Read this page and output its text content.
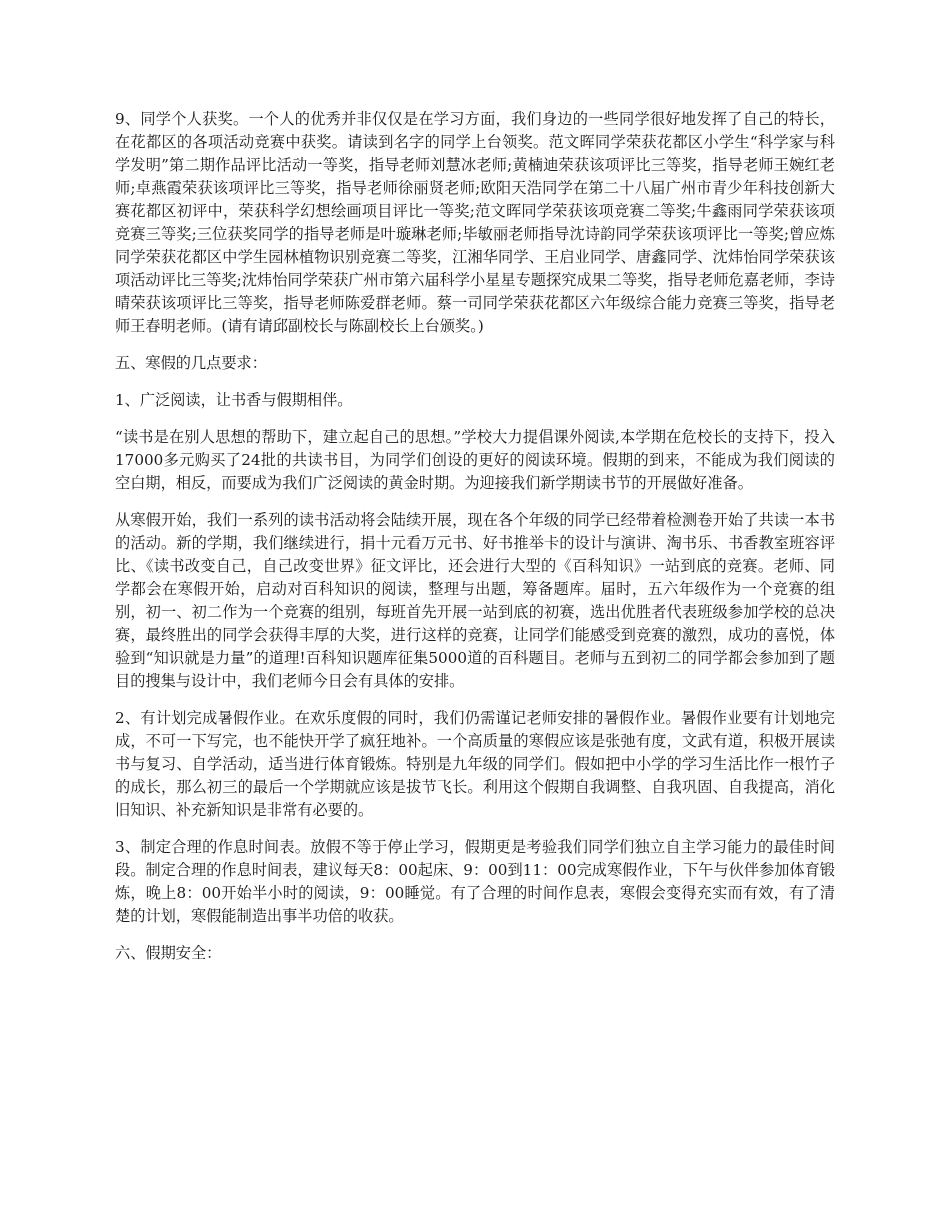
9、同学个人获奖。一个人的优秀并非仅仅是在学习方面，我们身边的一些同学很好地发挥了自己的特长，在花都区的各项活动竞赛中获奖。请读到名字的同学上台领奖。范文晖同学荣获花都区小学生“科学家与科学发明”第二期作品评比活动一等奖，指导老师刘慧冰老师;黄楠迪荣获该项评比三等奖，指导老师王婉红老师;卓燕霞荣获该项评比三等奖，指导老师徐丽贤老师;欧阳天浩同学在第二十八届广州市青少年科技创新大赛花都区初评中，荣获科学幻想绘画项目评比一等奖;范文晖同学荣获该项竞赛二等奖;牛鑫雨同学荣获该项竞赛三等奖;三位获奖同学的指导老师是叶璇琳老师;毕敏丽老师指导沈诗韵同学荣获该项评比一等奖;曾应炼同学荣获花都区中学生园林植物识别竞赛二等奖，江湘华同学、王启业同学、唐鑫同学、沈炜怡同学荣获该项活动评比三等奖;沈炜怡同学荣获广州市第六届科学小星星专题探究成果二等奖，指导老师危嘉老师，李诗晴荣获该项评比三等奖，指导老师陈爱群老师。蔡一司同学荣获花都区六年级综合能力竞赛三等奖，指导老师王春明老师。(请有请邱副校长与陈副校长上台颁奖。)

五、寒假的几点要求：

1、广泛阅读，让书香与假期相伴。

“读书是在别人思想的帮助下，建立起自己的思想。”学校大力提倡课外阅读,本学期在危校长的支持下，投入17000多元购买了24批的共读书目，为同学们创设的更好的阅读环境。假期的到来，不能成为我们阅读的空白期，相反，而要成为我们广泛阅读的黄金时期。为迎接我们新学期读书节的开展做好准备。

从寒假开始，我们一系列的读书活动将会陆续开展，现在各个年级的同学已经带着检测卷开始了共读一本书的活动。新的学期，我们继续进行，捐十元看万元书、好书推举卡的设计与演讲、淘书乐、书香教室班容评比、《读书改变自己，自己改变世界》征文评比，还会进行大型的《百科知识》一站到底的竞赛。老师、同学都会在寒假开始，启动对百科知识的阅读，整理与出题，筹备题库。届时，五六年级作为一个竞赛的组别，初一、初二作为一个竞赛的组别，每班首先开展一站到底的初赛，选出优胜者代表班级参加学校的总决赛，最终胜出的同学会获得丰厚的大奖，进行这样的竞赛，让同学们能感受到竞赛的激烈，成功的喜悦，体验到“知识就是力量”的道理!百科知识题库征集5000道的百科题目。老师与五到初二的同学都会参加到了题目的搜集与设计中，我们老师今日会有具体的安排。

2、有计划完成暑假作业。在欢乐度假的同时，我们仍需谨记老师安排的暑假作业。暑假作业要有计划地完成，不可一下写完，也不能快开学了疯狂地补。一个高质量的寒假应该是张弛有度，文武有道，积极开展读书与复习、自学活动，适当进行体育锻炼。特别是九年级的同学们。假如把中小学的学习生活比作一根竹子的成长，那么初三的最后一个学期就应该是拔节飞长。利用这个假期自我调整、自我巩固、自我提高，消化旧知识、补充新知识是非常有必要的。

3、制定合理的作息时间表。放假不等于停止学习，假期更是考验我们同学们独立自主学习能力的最佳时间段。制定合理的作息时间表，建议每天8：00起床、9：00到11：00完成寒假作业，下午与伙伴参加体育锻炼，晚上8：00开始半小时的阅读，9：00睡觉。有了合理的时间作息表，寒假会变得充实而有效，有了清楚的计划，寒假能制造出事半功倍的收获。

六、假期安全：
